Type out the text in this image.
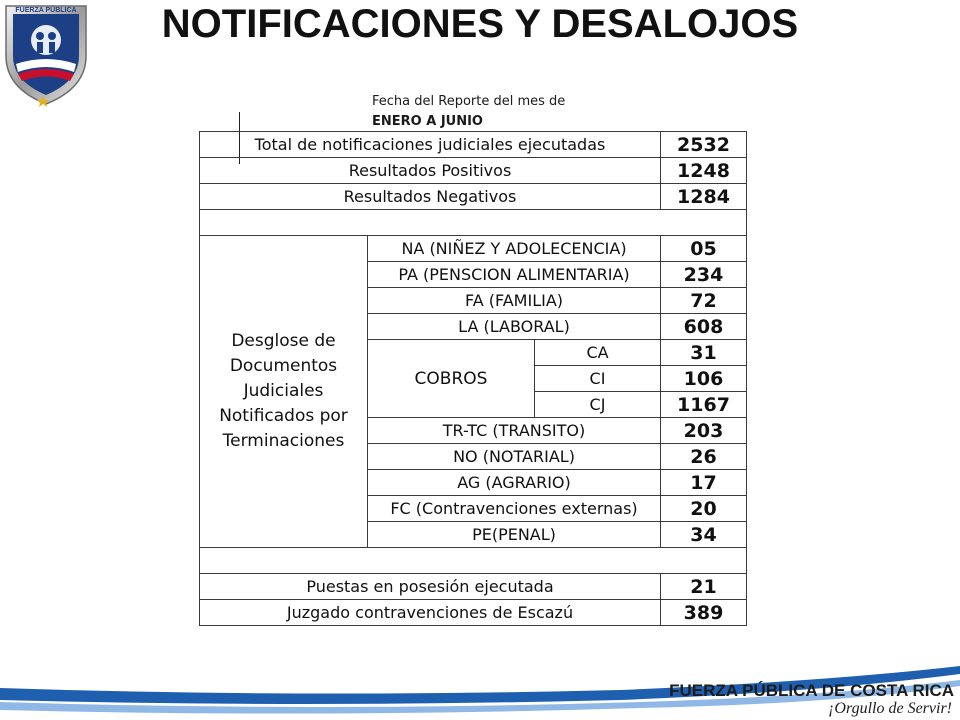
FUERZA PÚBLICA NOTIFICACIONES Y DESALOJOS
Fecha del Reporte del mes de
ENERO A JUNIO
Total de notificaciones judiciales ejecutadas			2532
Resultados Positivos			1248
Resultados Negativos			1284

Desglose de Documentos Judiciales Notificados por Terminaciones	NA (NIÑEZ Y ADOLECENCIA)		05
	PA (PENSCION ALIMENTARIA)		234
	FA (FAMILIA)		72
	LA (LABORAL)		608
	COBROS	CA	31
		CI	106
		CJ	1167
	TR-TC (TRANSITO)		203
	NO (NOTARIAL)		26
	AG (AGRARIO)		17
	FC (Contravenciones externas)		20
	PE(PENAL)		34

Puestas en posesión ejecutada			21
Juzgado contravenciones de Escazú			389
FUERZA PÚBLICA DE COSTA RICA
¡Orgullo de Servir!
